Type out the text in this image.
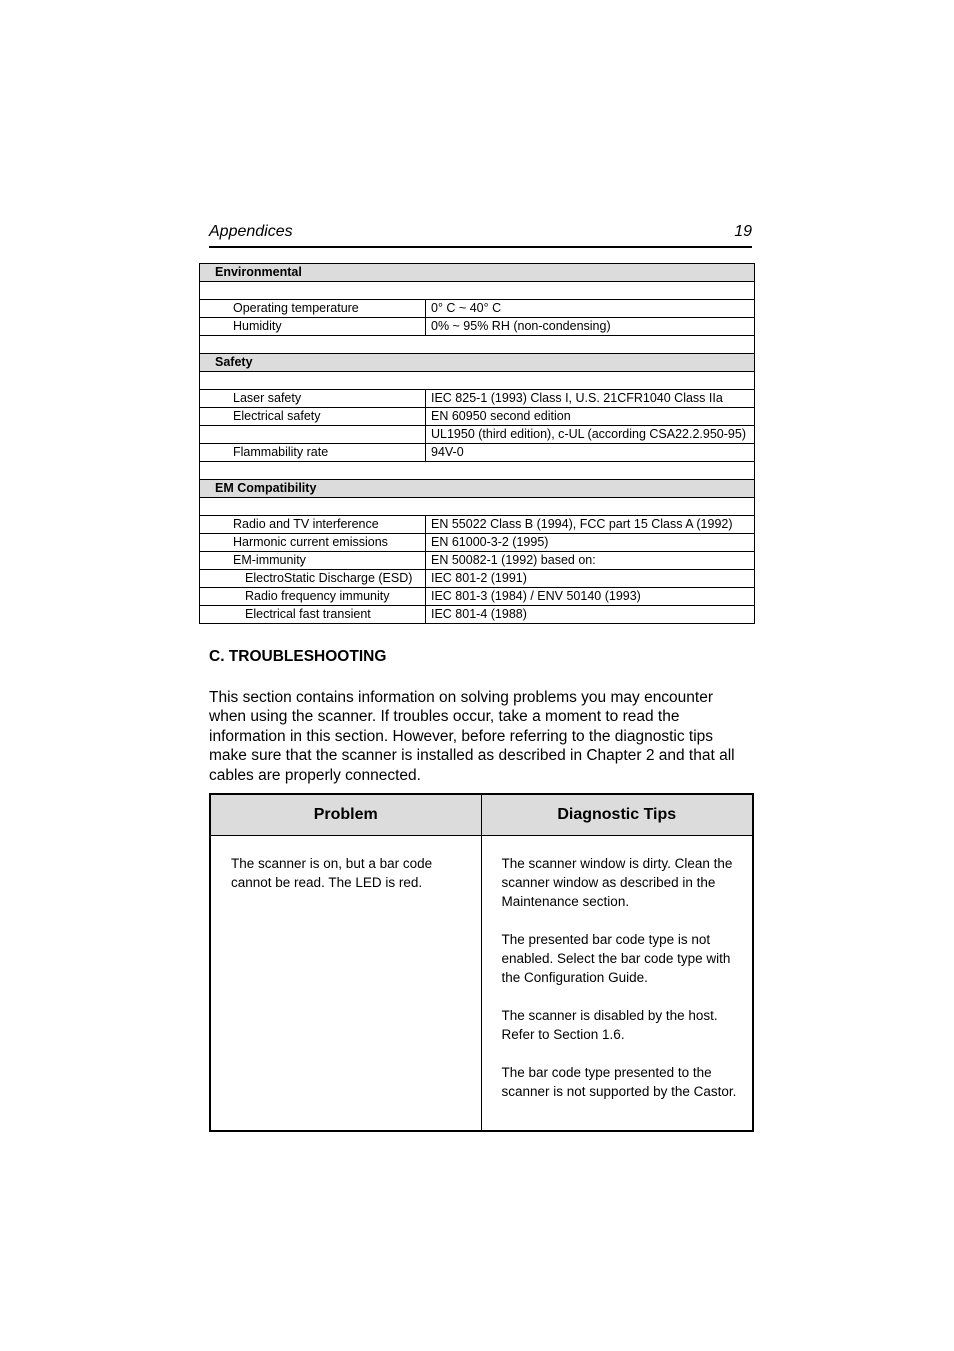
Appendices	19
Environmental	

Operating temperature	0° C ~ 40° C
Humidity	0% ~ 95% RH (non-condensing)

Safety	

Laser safety	IEC 825-1 (1993) Class I, U.S. 21CFR1040 Class IIa
Electrical safety	EN 60950 second edition
	UL1950 (third edition), c-UL (according CSA22.2.950-95)
Flammability rate	94V-0

EM Compatibility	

Radio and TV interference	EN 55022 Class B (1994), FCC part 15 Class A (1992)
Harmonic current emissions	EN 61000-3-2 (1995)
EM-immunity	EN 50082-1 (1992) based on:
ElectroStatic Discharge (ESD)	IEC 801-2 (1991)
Radio frequency immunity	IEC 801-3 (1984) / ENV 50140 (1993)
Electrical fast transient	IEC 801-4 (1988)
C. TROUBLESHOOTING
This section contains information on solving problems you may encounter when using the scanner. If troubles occur, take a moment to read the information in this section. However, before referring to the diagnostic tips make sure that the scanner is installed as described in Chapter 2 and that all cables are properly connected.
Problem	Diagnostic Tips
The scanner is on, but a bar code cannot be read. The LED is red.	The scanner window is dirty. Clean the scanner window as described in the Maintenance section.

The presented bar code type is not enabled. Select the bar code type with the Configuration Guide.

The scanner is disabled by the host. Refer to Section 1.6.

The bar code type presented to the scanner is not supported by the Castor.
